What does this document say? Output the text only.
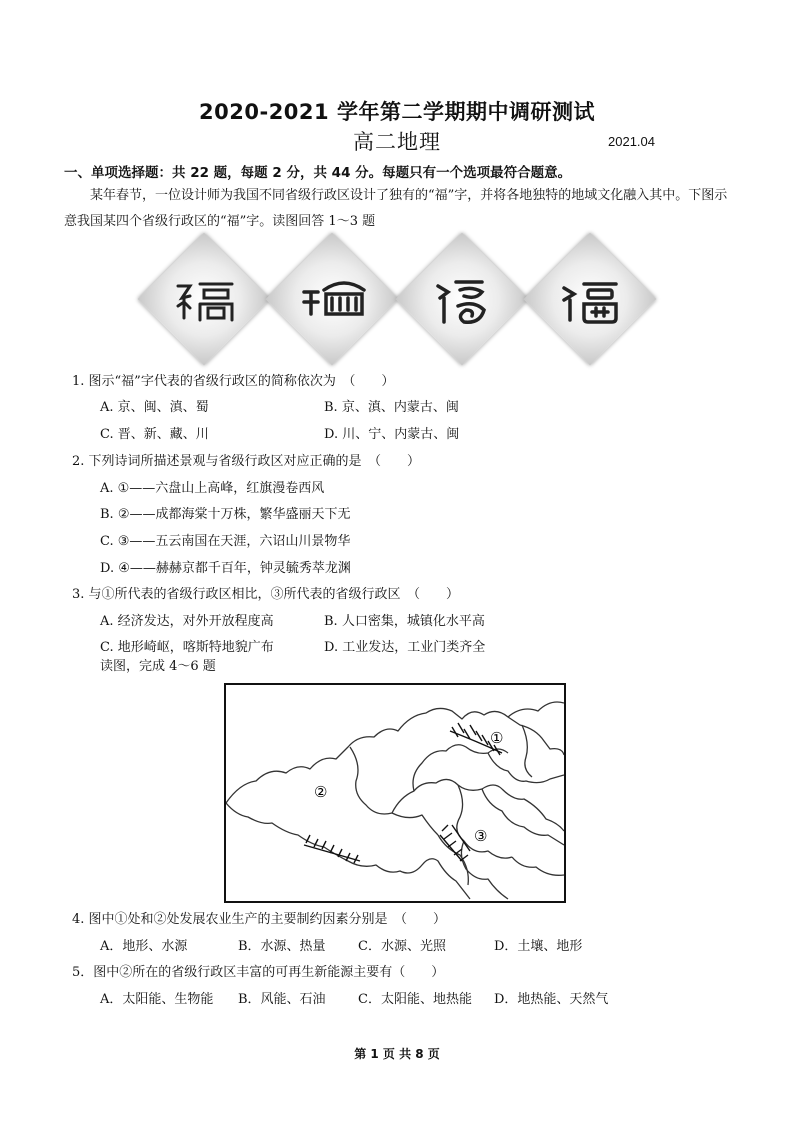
2020-2021 学年第二学期期中调研测试
高二地理	2021.04
一、单项选择题：共 22 题，每题 2 分，共 44 分。每题只有一个选项最符合题意。
某年春节，一位设计师为我国不同省级行政区设计了独有的“福”字，并将各地独特的地域文化融入其中。下图示意我国某四个省级行政区的“福”字。读图回答 1～3 题
1. 图示“福”字代表的省级行政区的简称依次为　（　　）
A. 京、闽、滇、蜀	B. 京、滇、内蒙古、闽
C. 晋、新、藏、川	D. 川、宁、内蒙古、闽
2. 下列诗词所描述景观与省级行政区对应正确的是　（　　）
A. ①——六盘山上高峰，红旗漫卷西风
B. ②——成都海棠十万株，繁华盛丽天下无
C. ③——五云南国在天涯，六诏山川景物华
D. ④——赫赫京都千百年，钟灵毓秀萃龙渊
3. 与①所代表的省级行政区相比，③所代表的省级行政区　（　　）
A. 经济发达，对外开放程度高	B. 人口密集，城镇化水平高
C. 地形崎岖，喀斯特地貌广布	D. 工业发达，工业门类齐全
读图，完成 4～6 题
②
①
③
4. 图中①处和②处发展农业生产的主要制约因素分别是　（　　）
A．地形、水源	B．水源、热量 C．水源、光照	D．土壤、地形
5．图中②所在的省级行政区丰富的可再生新能源主要有（　　）
A．太阳能、生物能 B．风能、石油 C．太阳能、地热能 D．地热能、天然气
第 1 页 共 8 页
